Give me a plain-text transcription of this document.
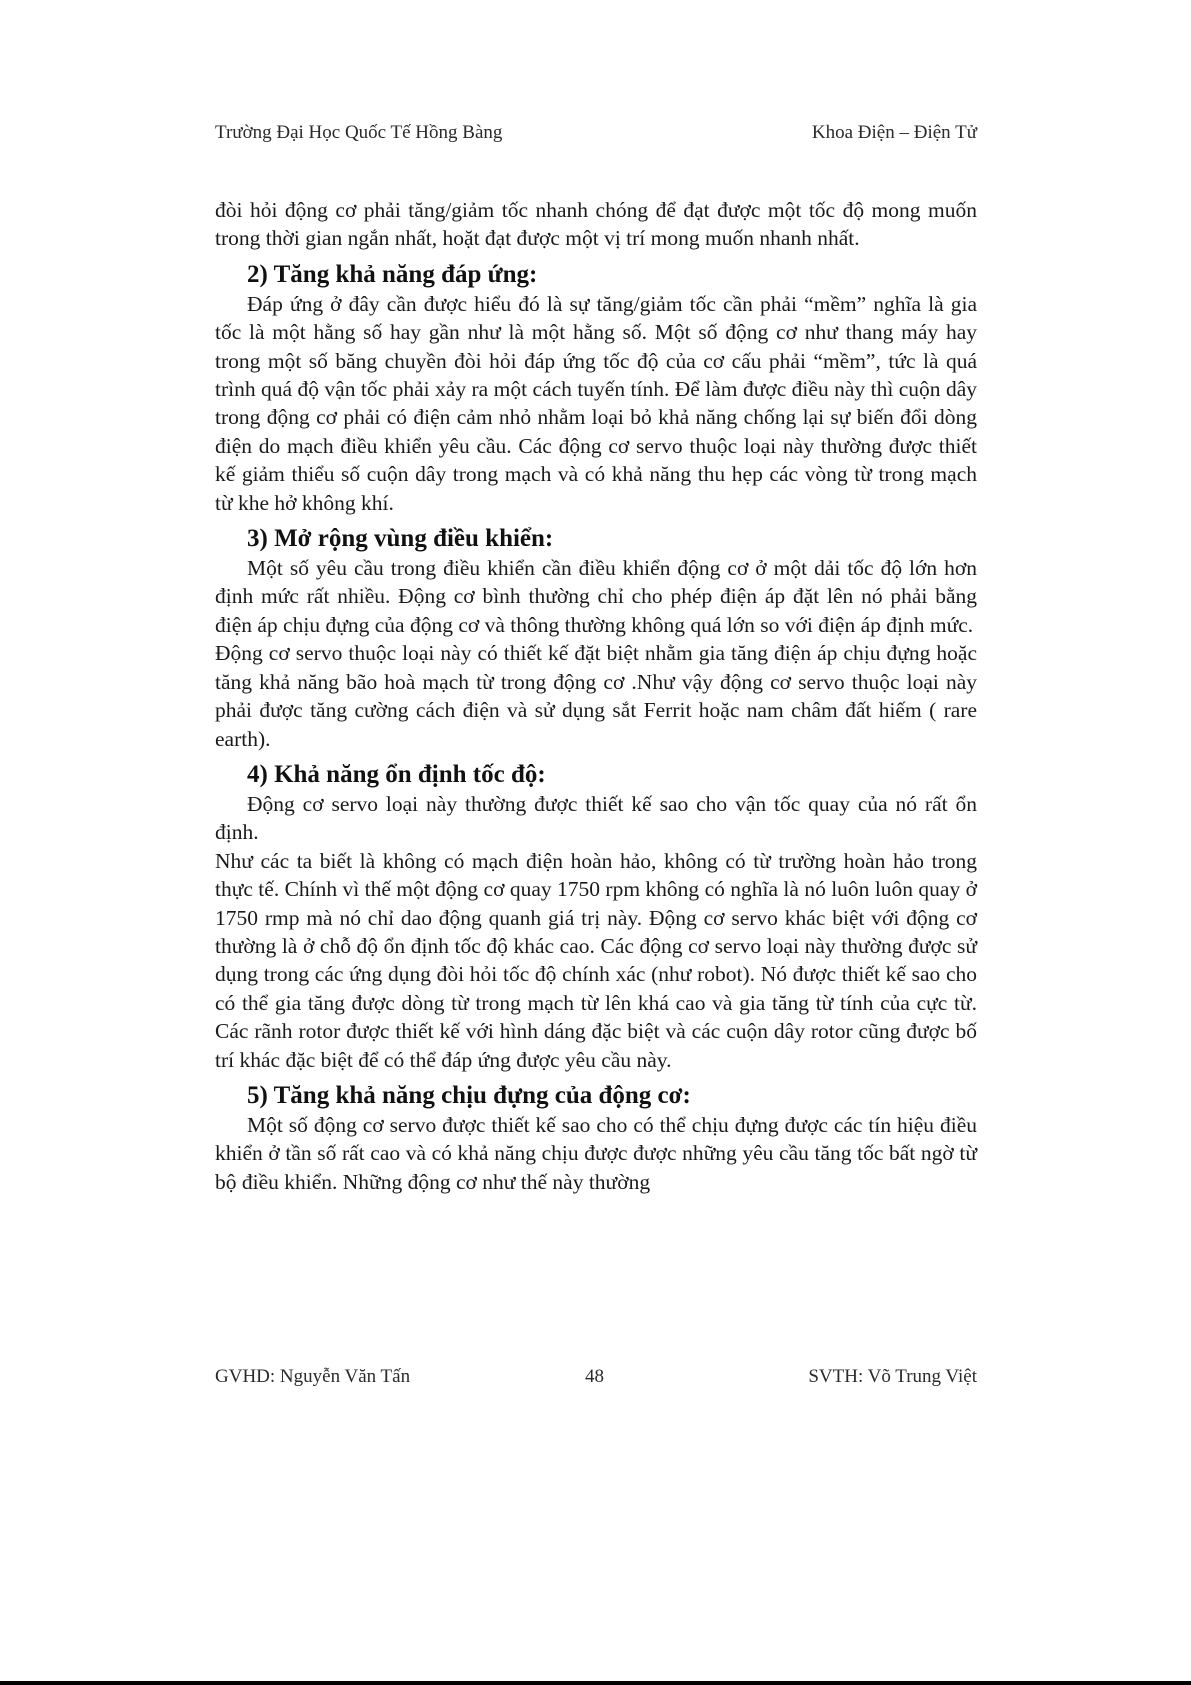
Trường Đại Học Quốc Tế Hồng Bàng	Khoa Điện – Điện Tử

đòi hỏi động cơ phải tăng/giảm tốc nhanh chóng để đạt được một tốc độ mong muốn trong thời gian ngắn nhất, hoặt đạt được một vị trí mong muốn nhanh nhất.

2) Tăng khả năng đáp ứng:

Đáp ứng ở đây cần được hiểu đó là sự tăng/giảm tốc cần phải “mềm” nghĩa là gia tốc là một hằng số hay gần như là một hằng số. Một số động cơ như thang máy hay trong một số băng chuyền đòi hỏi đáp ứng tốc độ của cơ cấu phải “mềm”, tức là quá trình quá độ vận tốc phải xảy ra một cách tuyến tính. Để làm được điều này thì cuộn dây trong động cơ phải có điện cảm nhỏ nhằm loại bỏ khả năng chống lại sự biến đổi dòng điện do mạch điều khiển yêu cầu. Các động cơ servo thuộc loại này thường được thiết kế giảm thiểu số cuộn dây trong mạch và có khả năng thu hẹp các vòng từ trong mạch từ khe hở không khí.

3) Mở rộng vùng điều khiển:

Một số yêu cầu trong điều khiển cần điều khiển động cơ ở một dải tốc độ lớn hơn định mức rất nhiều. Động cơ bình thường chỉ cho phép điện áp đặt lên nó phải bằng điện áp chịu đựng của động cơ và thông thường không quá lớn so với điện áp định mức.

Động cơ servo thuộc loại này có thiết kế đặt biệt nhằm gia tăng điện áp chịu đựng hoặc tăng khả năng bão hoà mạch từ trong động cơ .Như vậy động cơ servo thuộc loại này phải được tăng cường cách điện và sử dụng sắt Ferrit hoặc nam châm đất hiếm ( rare earth).

4) Khả năng ổn định tốc độ:

Động cơ servo loại này thường được thiết kế sao cho vận tốc quay của nó rất ổn định.

Như các ta biết là không có mạch điện hoàn hảo, không có từ trường hoàn hảo trong thực tế. Chính vì thế một động cơ quay 1750 rpm không có nghĩa là nó luôn luôn quay ở 1750 rmp mà nó chỉ dao động quanh giá trị này. Động cơ servo khác biệt với động cơ thường là ở chỗ độ ổn định tốc độ khác cao. Các động cơ servo loại này thường được sử dụng trong các ứng dụng đòi hỏi tốc độ chính xác (như robot). Nó được thiết kế sao cho có thể gia tăng được dòng từ trong mạch từ lên khá cao và gia tăng từ tính của cực từ. Các rãnh rotor được thiết kế với hình dáng đặc biệt và các cuộn dây rotor cũng được bố trí khác đặc biệt để có thể đáp ứng được yêu cầu này.

5) Tăng khả năng chịu đựng của động cơ:

Một số động cơ servo được thiết kế sao cho có thể chịu đựng được các tín hiệu điều khiển ở tần số rất cao và có khả năng chịu được được những yêu cầu tăng tốc bất ngờ từ bộ điều khiển. Những động cơ như thế này thường

GVHD: Nguyễn Văn Tấn	48	SVTH: Võ Trung Việt
